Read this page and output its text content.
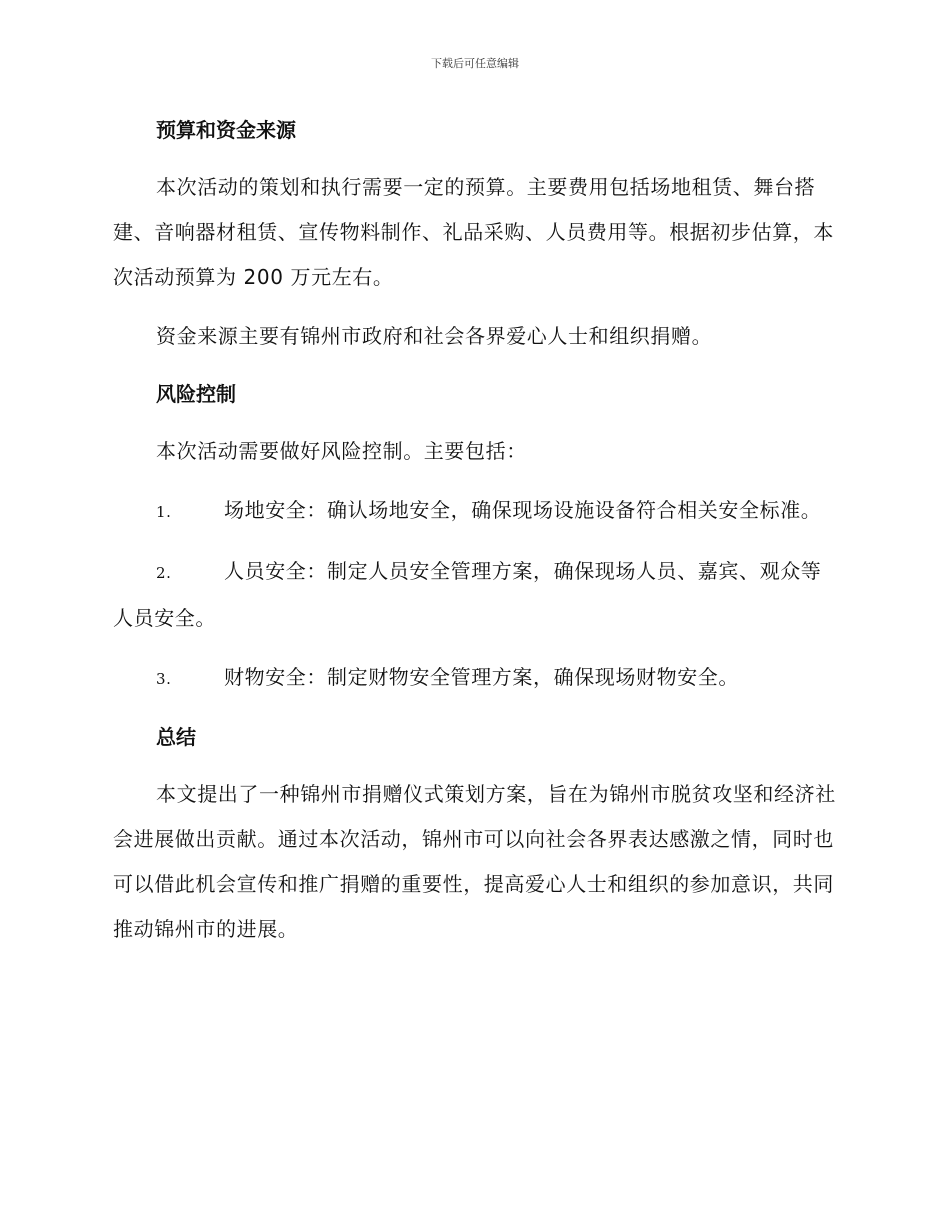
下载后可任意编辑
预算和资金来源

本次活动的策划和执行需要一定的预算。主要费用包括场地租赁、舞台搭建、音响器材租赁、宣传物料制作、礼品采购、人员费用等。根据初步估算，本次活动预算为 200 万元左右。

资金来源主要有锦州市政府和社会各界爱心人士和组织捐赠。

风险控制

本次活动需要做好风险控制。主要包括：

1.	场地安全：确认场地安全，确保现场设施设备符合相关安全标准。

2.	人员安全：制定人员安全管理方案，确保现场人员、嘉宾、观众等人员安全。

3.	财物安全：制定财物安全管理方案，确保现场财物安全。

总结

本文提出了一种锦州市捐赠仪式策划方案，旨在为锦州市脱贫攻坚和经济社会进展做出贡献。通过本次活动，锦州市可以向社会各界表达感激之情，同时也可以借此机会宣传和推广捐赠的重要性，提高爱心人士和组织的参加意识，共同推动锦州市的进展。
